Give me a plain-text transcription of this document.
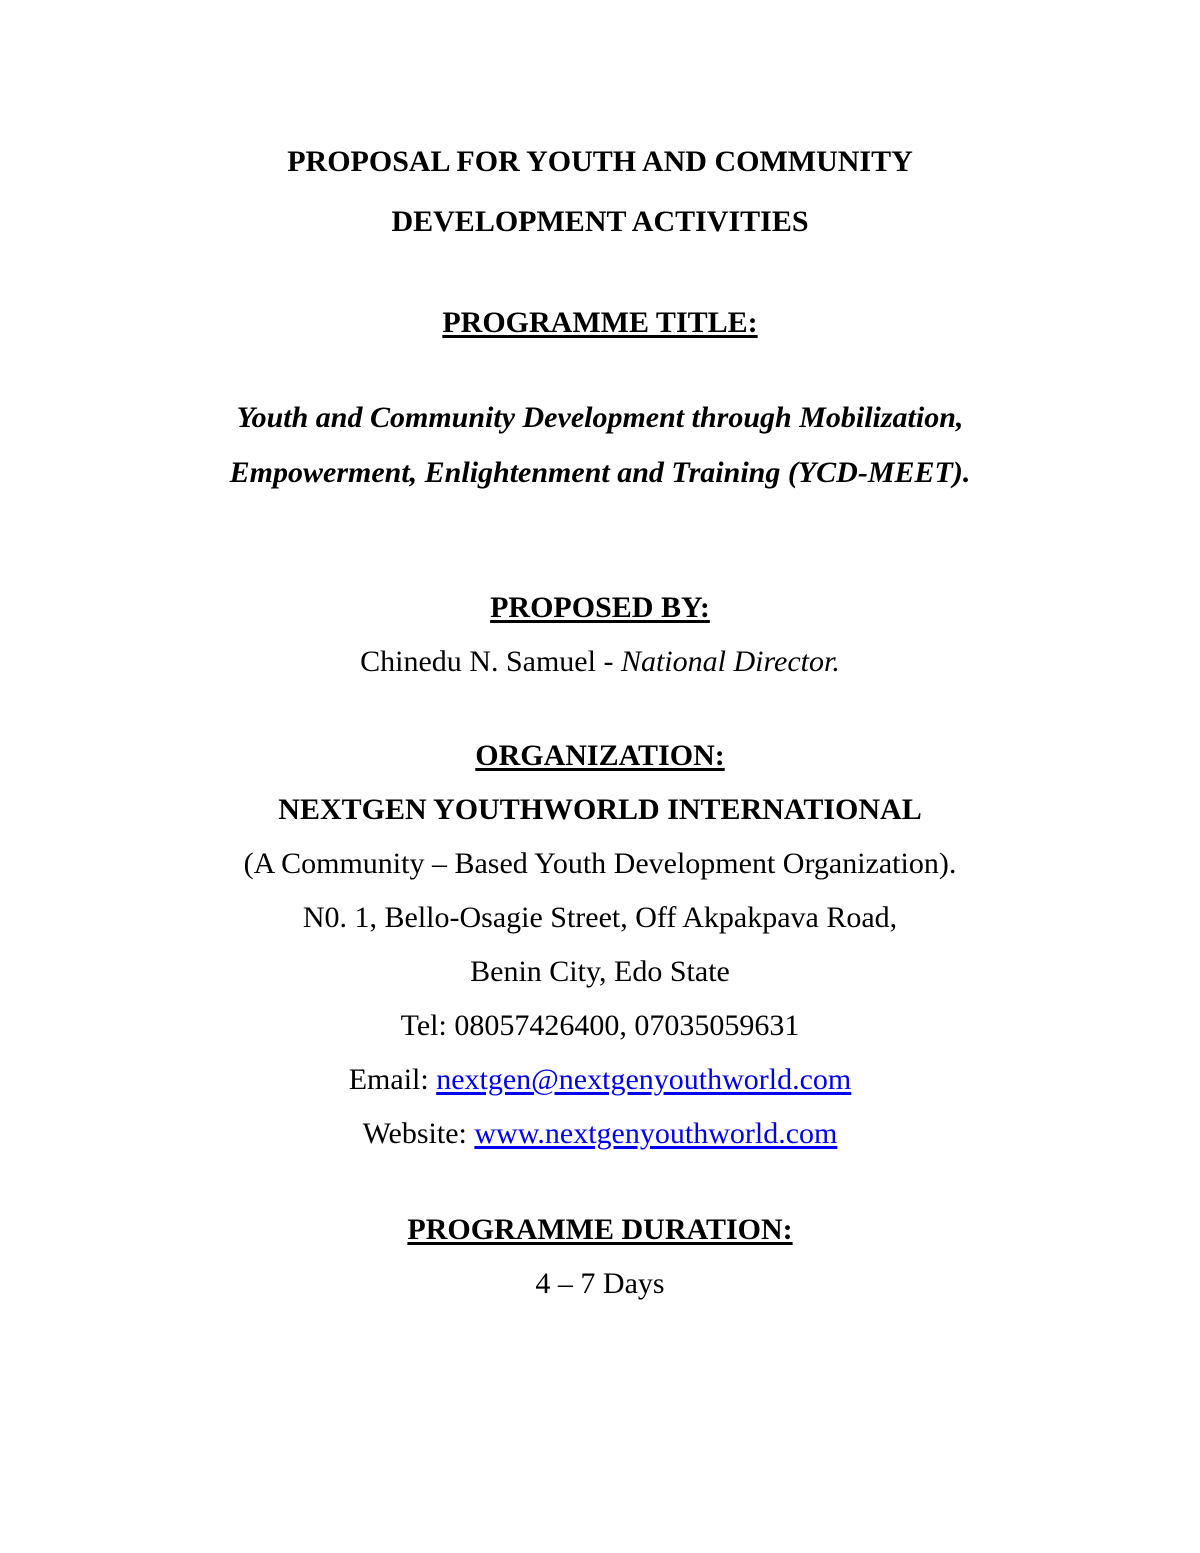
PROPOSAL FOR YOUTH AND COMMUNITY
DEVELOPMENT ACTIVITIES
PROGRAMME TITLE:
Youth and Community Development through Mobilization,
Empowerment, Enlightenment and Training (YCD-MEET).
PROPOSED BY:
Chinedu N. Samuel - National Director.
ORGANIZATION:
NEXTGEN YOUTHWORLD INTERNATIONAL
(A Community – Based Youth Development Organization).
N0. 1, Bello-Osagie Street, Off Akpakpava Road,
Benin City, Edo State
Tel: 08057426400, 07035059631
Email: nextgen@nextgenyouthworld.com
Website: www.nextgenyouthworld.com
PROGRAMME DURATION:
4 – 7 Days
